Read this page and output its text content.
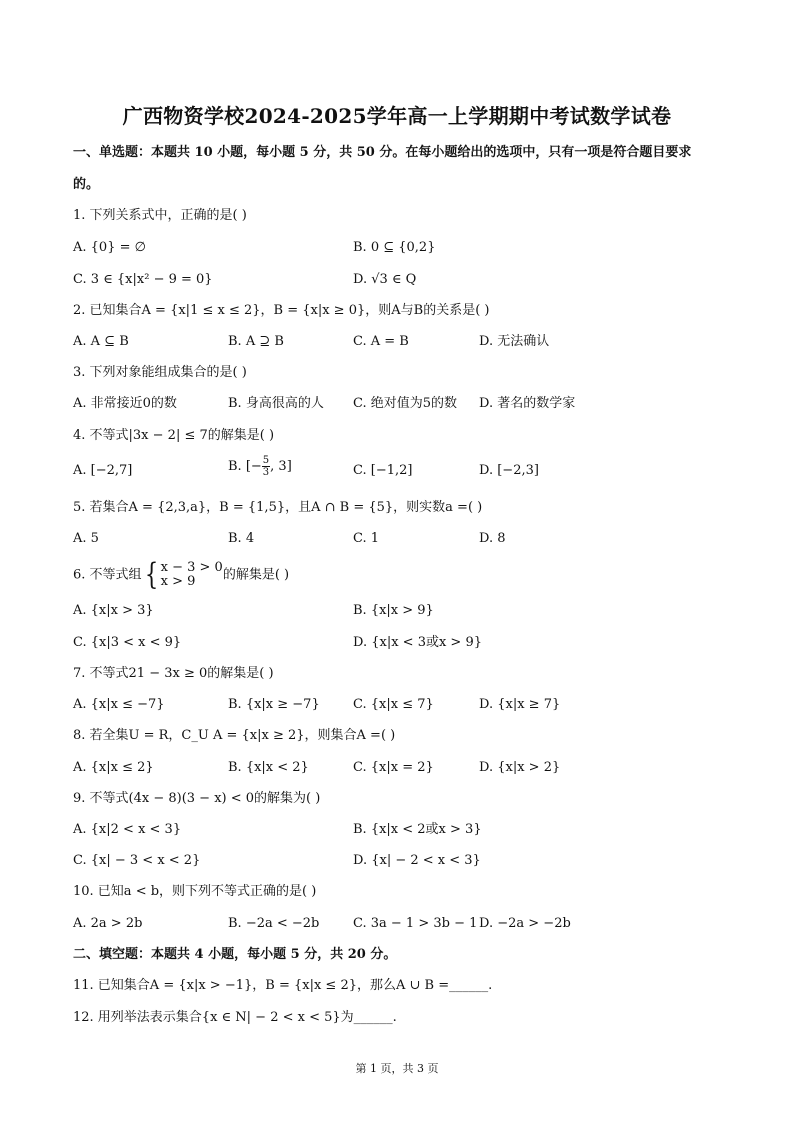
广西物资学校2024-2025学年高一上学期期中考试数学试卷
一、单选题：本题共 10 小题，每小题 5 分，共 50 分。在每小题给出的选项中，只有一项是符合题目要求
的。
1. 下列关系式中，正确的是( )
A. {0} = ∅	B. 0 ⊆ {0,2}
C. 3 ∈ {x|x² − 9 = 0}	D. √3 ∈ Q
2. 已知集合A = {x|1 ≤ x ≤ 2}，B = {x|x ≥ 0}，则A与B的关系是( )
A. A ⊆ B	B. A ⊇ B	C. A = B	D. 无法确认
3. 下列对象能组成集合的是( )
A. 非常接近0的数	B. 身高很高的人 C. 绝对值为5的数 D. 著名的数学家
4. 不等式|3x − 2| ≤ 7的解集是( )
A. [−2,7]	B. [− $\frac{5}{3}$ , 3]	C. [−1,2]	D. [−2,3]
5. 若集合A = {2,3,a}，B = {1,5}，且A ∩ B = {5}，则实数a =( )
A. 5	B. 4	C. 1	D. 8
6. 不等式组{ x − 3 > 0
x > 9	的解集是( )
A. {x|x > 3}	B. {x|x > 9}
C. {x|3 < x < 9}	D. {x|x < 3或x > 9}
7. 不等式21 − 3x ≥ 0的解集是( )
A. {x|x ≤ −7}	B. {x|x ≥ −7}	C. {x|x ≤ 7}	D. {x|x ≥ 7}
8. 若全集U = R，C_U A = {x|x ≥ 2}，则集合A =( )
A. {x|x ≤ 2}	B. {x|x < 2}	C. {x|x = 2}	D. {x|x > 2}
9. 不等式(4x − 8)(3 − x) < 0的解集为( )
A. {x|2 < x < 3}	B. {x|x < 2或x > 3}
C. {x| − 3 < x < 2}	D. {x| − 2 < x < 3}
10. 已知a < b，则下列不等式正确的是( )
A. 2a > 2b	B. −2a < −2b	C. 3a − 1 > 3b − 1 D. −2a > −2b
二、填空题：本题共 4 小题，每小题 5 分，共 20 分。
11. 已知集合A = {x|x > −1}，B = {x|x ≤ 2}，那么A ∪ B =______.
12. 用列举法表示集合{x ∈ N| − 2 < x < 5}为______.
第 1 页，共 3 页
